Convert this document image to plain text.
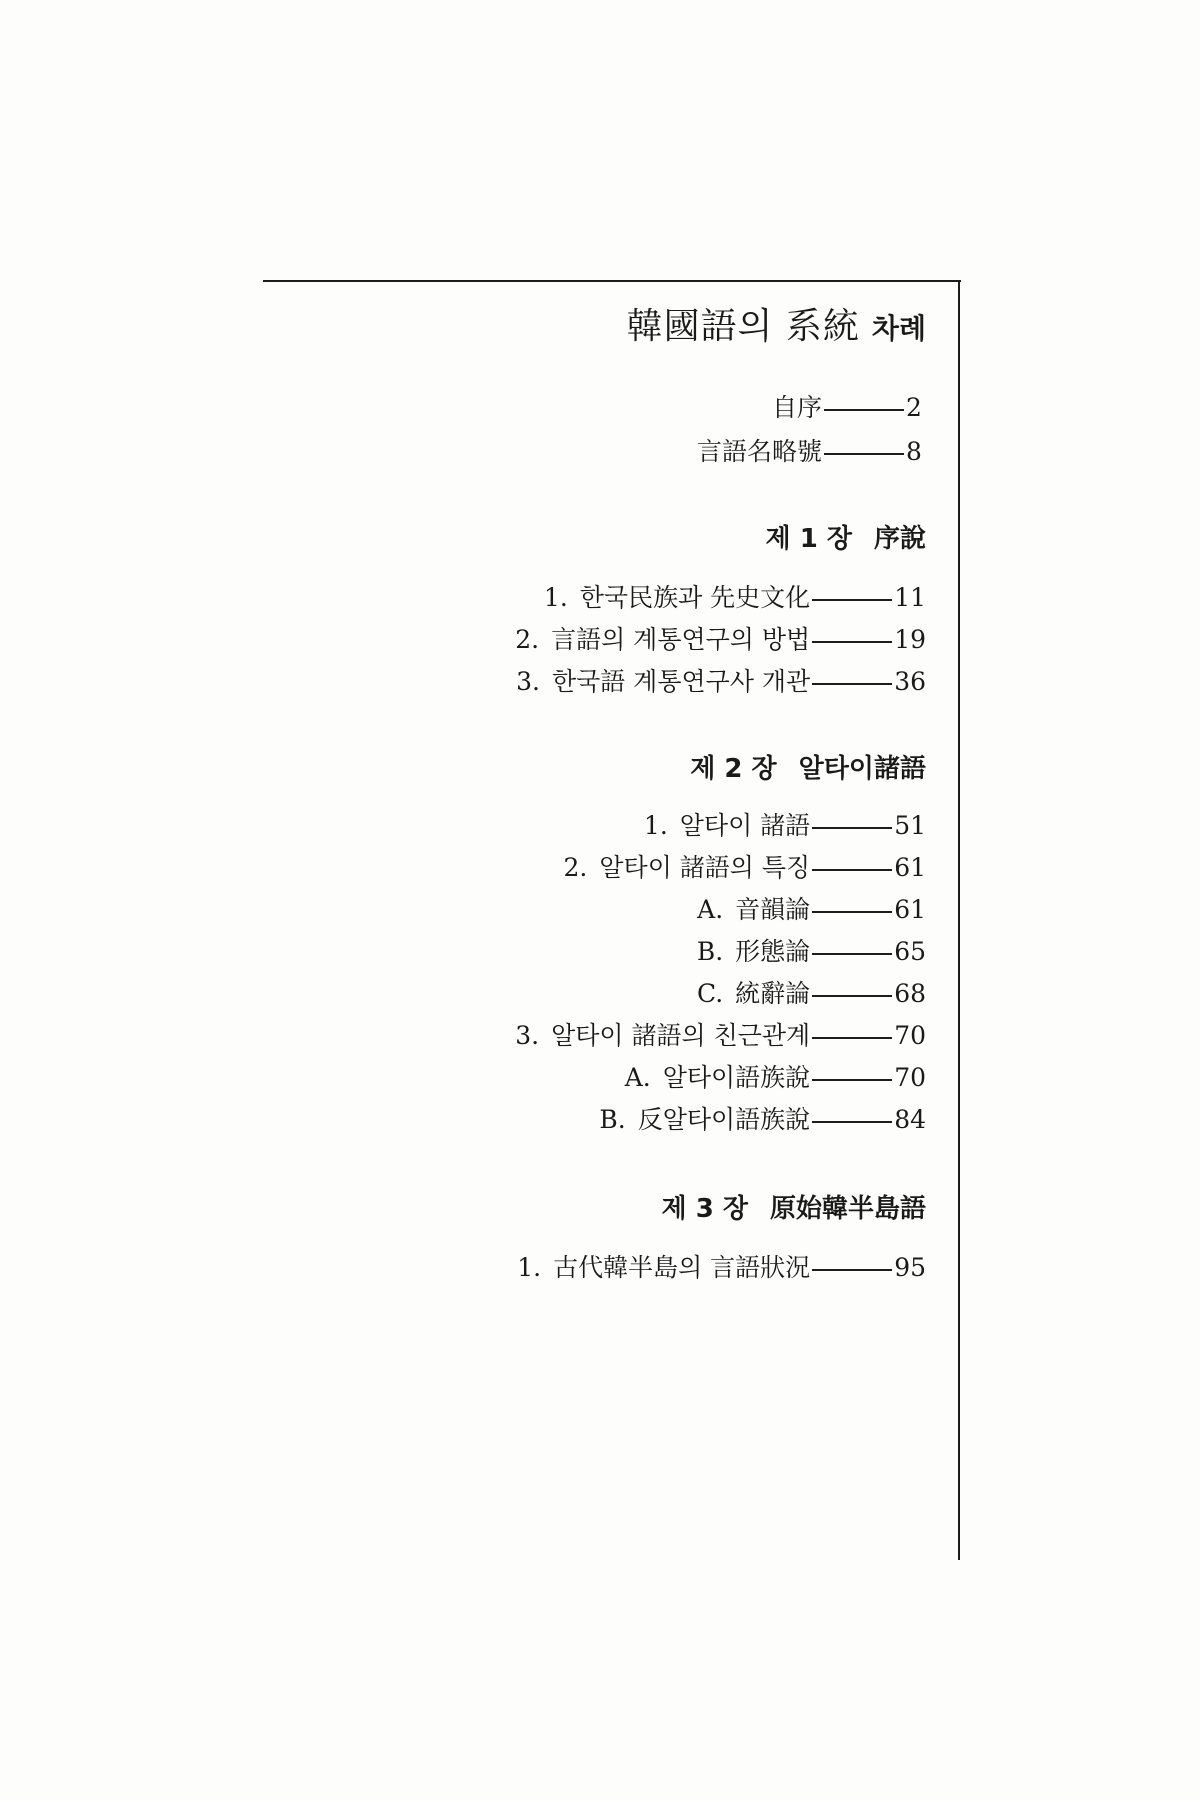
韓國語의 系統 차례
自序	2
言語名略號	8
제 1 장 序說
1. 한국民族과 先史文化	11
2. 言語의 계통연구의 방법	19
3. 한국語 계통연구사 개관	36
제 2 장 알타이諸語
1. 알타이 諸語	51
2. 알타이 諸語의 특징	61
A. 音韻論	61
B. 形態論	65
C. 統辭論	68
3. 알타이 諸語의 친근관계	70
A. 알타이語族說	70
B. 反알타이語族說	84
제 3 장 原始韓半島語
1. 古代韓半島의 言語狀況	95
